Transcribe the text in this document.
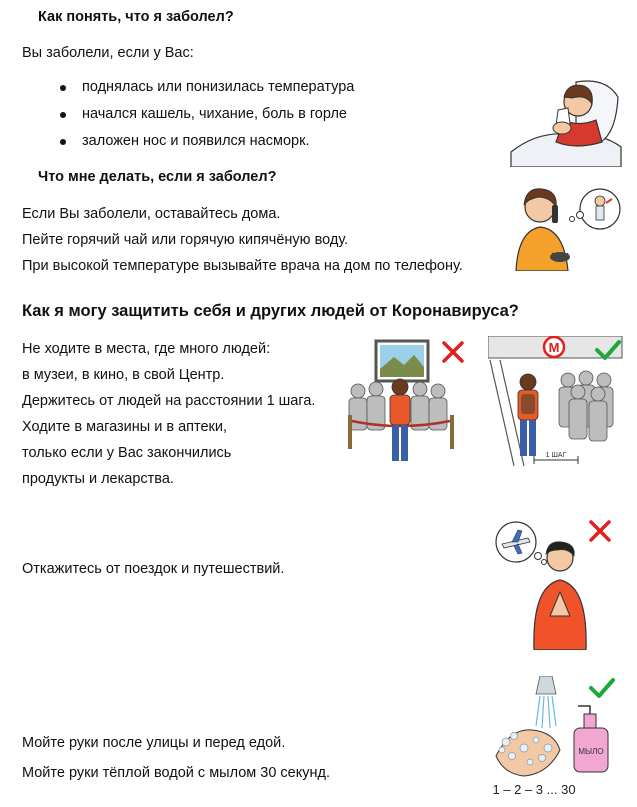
Как понять, что я заболел?
Вы заболели, если у Вас:
поднялась или понизилась температура
начался кашель, чихание, боль в горле
заложен нос и появился насморк.
Что мне делать, если я заболел?
Если Вы заболели, оставайтесь дома.
Пейте горячий чай или горячую кипячёную воду.
При высокой температуре вызывайте врача на дом по телефону.
Как я могу защитить себя и других людей от Коронавируса?
Не ходите в места, где много людей:
в музеи, в кино, в свой Центр.
Держитесь от людей на расстоянии 1 шага.
Ходите в магазины и в аптеки,
только если у Вас закончились
продукты и лекарства.
М
1 ШАГ
Откажитесь от поездок и путешествий.
Мойте руки после улицы и перед едой.
Мойте руки тёплой водой с мылом 30 секунд.
МЫЛО
1 – 2 – 3 ... 30
